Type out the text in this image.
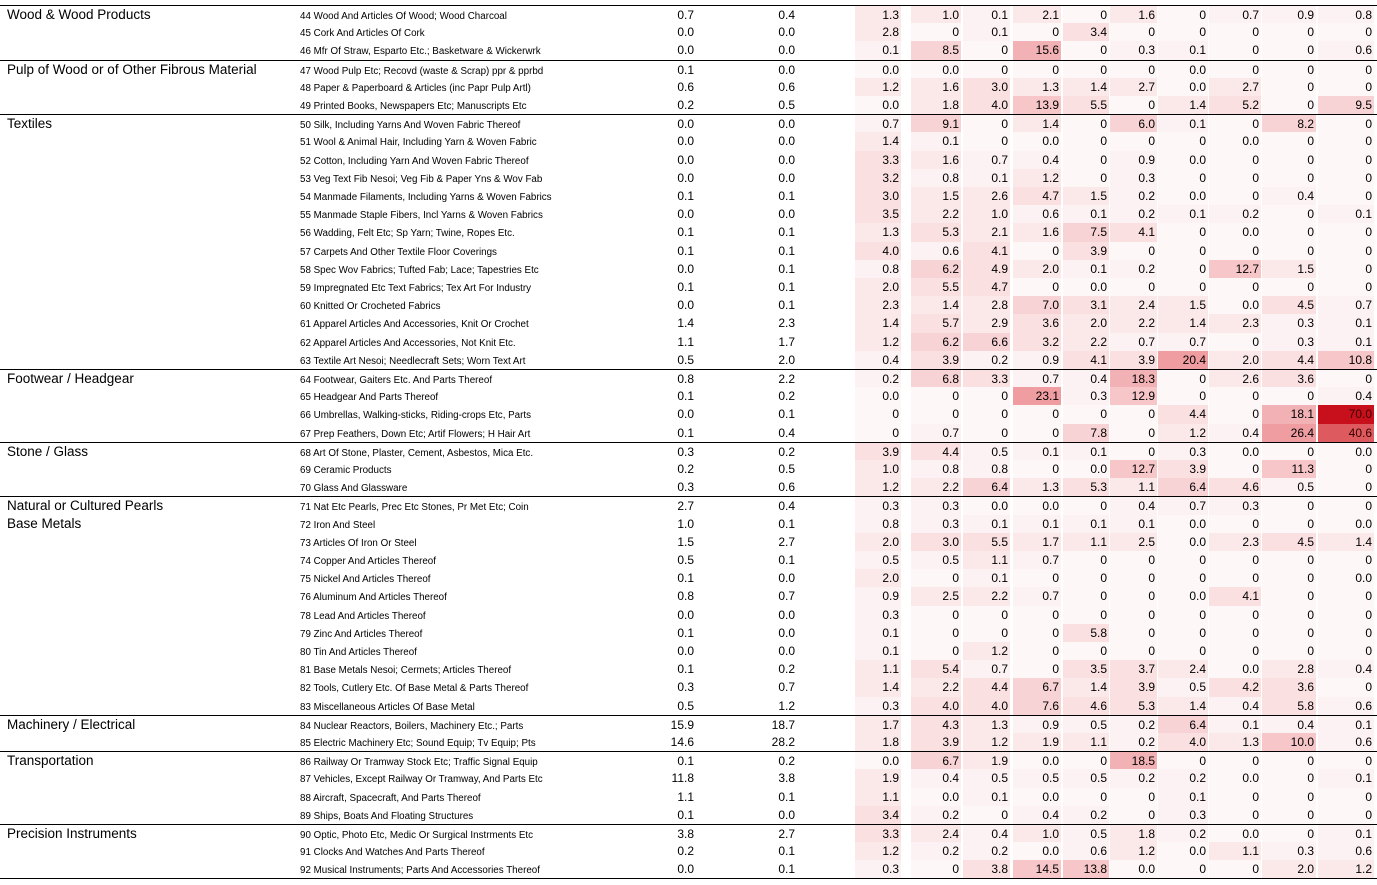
Wood & Wood Products	44 Wood And Articles Of Wood; Wood Charcoal	0.7	0.4	1.3	1.0	0.1	2.1	0	1.6	0	0.7	0.9	0.8
45 Cork And Articles Of Cork	0.0	0.0	2.8	0	0.1	0	3.4	0	0	0	0	0
46 Mfr Of Straw, Esparto Etc.; Basketware & Wickerwrk	0.0	0.0	0.1	8.5	0	15.6	0	0.3	0.1	0	0	0.6
Pulp of Wood or of Other Fibrous Material	47 Wood Pulp Etc; Recovd (waste & Scrap) ppr & pprbd	0.1	0.0	0.0	0.0	0	0	0	0	0.0	0	0	0
48 Paper & Paperboard & Articles (inc Papr Pulp Artl)	0.6	0.6	1.2	1.6	3.0	1.3	1.4	2.7	0.0	2.7	0	0
49 Printed Books, Newspapers Etc; Manuscripts Etc	0.2	0.5	0.0	1.8	4.0	13.9	5.5	0	1.4	5.2	0	9.5
Textiles	50 Silk, Including Yarns And Woven Fabric Thereof	0.0	0.0	0.7	9.1	0	1.4	0	6.0	0.1	0	8.2	0
51 Wool & Animal Hair, Including Yarn & Woven Fabric	0.0	0.0	1.4	0.1	0	0.0	0	0	0	0.0	0	0
52 Cotton, Including Yarn And Woven Fabric Thereof	0.0	0.0	3.3	1.6	0.7	0.4	0	0.9	0.0	0	0	0
53 Veg Text Fib Nesoi; Veg Fib & Paper Yns & Wov Fab	0.0	0.0	3.2	0.8	0.1	1.2	0	0.3	0	0	0	0
54 Manmade Filaments, Including Yarns & Woven Fabrics	0.1	0.1	3.0	1.5	2.6	4.7	1.5	0.2	0.0	0	0.4	0
55 Manmade Staple Fibers, Incl Yarns & Woven Fabrics	0.0	0.0	3.5	2.2	1.0	0.6	0.1	0.2	0.1	0.2	0	0.1
56 Wadding, Felt Etc; Sp Yarn; Twine, Ropes Etc.	0.1	0.1	1.3	5.3	2.1	1.6	7.5	4.1	0	0.0	0	0
57 Carpets And Other Textile Floor Coverings	0.1	0.1	4.0	0.6	4.1	0	3.9	0	0	0	0	0
58 Spec Wov Fabrics; Tufted Fab; Lace; Tapestries Etc	0.0	0.1	0.8	6.2	4.9	2.0	0.1	0.2	0	12.7	1.5	0
59 Impregnated Etc Text Fabrics; Tex Art For Industry	0.1	0.1	2.0	5.5	4.7	0	0.0	0	0	0	0	0
60 Knitted Or Crocheted Fabrics	0.0	0.1	2.3	1.4	2.8	7.0	3.1	2.4	1.5	0.0	4.5	0.7
61 Apparel Articles And Accessories, Knit Or Crochet	1.4	2.3	1.4	5.7	2.9	3.6	2.0	2.2	1.4	2.3	0.3	0.1
62 Apparel Articles And Accessories, Not Knit Etc.	1.1	1.7	1.2	6.2	6.6	3.2	2.2	0.7	0.7	0	0.3	0.1
63 Textile Art Nesoi; Needlecraft Sets; Worn Text Art	0.5	2.0	0.4	3.9	0.2	0.9	4.1	3.9	20.4	2.0	4.4	10.8
Footwear / Headgear	64 Footwear, Gaiters Etc. And Parts Thereof	0.8	2.2	0.2	6.8	3.3	0.7	0.4	18.3	0	2.6	3.6	0
65 Headgear And Parts Thereof	0.1	0.2	0.0	0	0	23.1	0.3	12.9	0	0	0	0.4
66 Umbrellas, Walking-sticks, Riding-crops Etc, Parts	0.0	0.1	0	0	0	0	0	0	4.4	0	18.1	70.0
67 Prep Feathers, Down Etc; Artif Flowers; H Hair Art	0.1	0.4	0	0.7	0	0	7.8	0	1.2	0.4	26.4	40.6
Stone / Glass	68 Art Of Stone, Plaster, Cement, Asbestos, Mica Etc.	0.3	0.2	3.9	4.4	0.5	0.1	0.1	0	0.3	0.0	0	0.0
69 Ceramic Products	0.2	0.5	1.0	0.8	0.8	0	0.0	12.7	3.9	0	11.3	0
70 Glass And Glassware	0.3	0.6	1.2	2.2	6.4	1.3	5.3	1.1	6.4	4.6	0.5	0
Natural or Cultured Pearls	71 Nat Etc Pearls, Prec Etc Stones, Pr Met Etc; Coin	2.7	0.4	0.3	0.3	0.0	0.0	0	0.4	0.7	0.3	0	0
Base Metals	72 Iron And Steel	1.0	0.1	0.8	0.3	0.1	0.1	0.1	0.1	0.0	0	0	0.0
73 Articles Of Iron Or Steel	1.5	2.7	2.0	3.0	5.5	1.7	1.1	2.5	0.0	2.3	4.5	1.4
74 Copper And Articles Thereof	0.5	0.1	0.5	0.5	1.1	0.7	0	0	0	0	0	0
75 Nickel And Articles Thereof	0.1	0.0	2.0	0	0.1	0	0	0	0	0	0	0.0
76 Aluminum And Articles Thereof	0.8	0.7	0.9	2.5	2.2	0.7	0	0	0.0	4.1	0	0
78 Lead And Articles Thereof	0.0	0.0	0.3	0	0	0	0	0	0	0	0	0
79 Zinc And Articles Thereof	0.1	0.0	0.1	0	0	0	5.8	0	0	0	0	0
80 Tin And Articles Thereof	0.0	0.0	0.1	0	1.2	0	0	0	0	0	0	0
81 Base Metals Nesoi; Cermets; Articles Thereof	0.1	0.2	1.1	5.4	0.7	0	3.5	3.7	2.4	0.0	2.8	0.4
82 Tools, Cutlery Etc. Of Base Metal & Parts Thereof	0.3	0.7	1.4	2.2	4.4	6.7	1.4	3.9	0.5	4.2	3.6	0
83 Miscellaneous Articles Of Base Metal	0.5	1.2	0.3	4.0	4.0	7.6	4.6	5.3	1.4	0.4	5.8	0.6
Machinery / Electrical	84 Nuclear Reactors, Boilers, Machinery Etc.; Parts	15.9	18.7	1.7	4.3	1.3	0.9	0.5	0.2	6.4	0.1	0.4	0.1
85 Electric Machinery Etc; Sound Equip; Tv Equip; Pts	14.6	28.2	1.8	3.9	1.2	1.9	1.1	0.2	4.0	1.3	10.0	0.6
Transportation	86 Railway Or Tramway Stock Etc; Traffic Signal Equip	0.1	0.2	0.0	6.7	1.9	0.0	0	18.5	0	0	0	0
87 Vehicles, Except Railway Or Tramway, And Parts Etc	11.8	3.8	1.9	0.4	0.5	0.5	0.5	0.2	0.2	0.0	0	0.1
88 Aircraft, Spacecraft, And Parts Thereof	1.1	0.1	1.1	0.0	0.1	0.0	0	0	0.1	0	0	0
89 Ships, Boats And Floating Structures	0.1	0.0	3.4	0.2	0	0.4	0.2	0	0.3	0	0	0
Precision Instruments	90 Optic, Photo Etc, Medic Or Surgical Instrments Etc	3.8	2.7	3.3	2.4	0.4	1.0	0.5	1.8	0.2	0.0	0	0.1
91 Clocks And Watches And Parts Thereof	0.2	0.1	1.2	0.2	0.2	0.0	0.6	1.2	0.0	1.1	0.3	0.6
92 Musical Instruments; Parts And Accessories Thereof	0.0	0.1	0.3	0	3.8	14.5	13.8	0.0	0	0	2.0	1.2
